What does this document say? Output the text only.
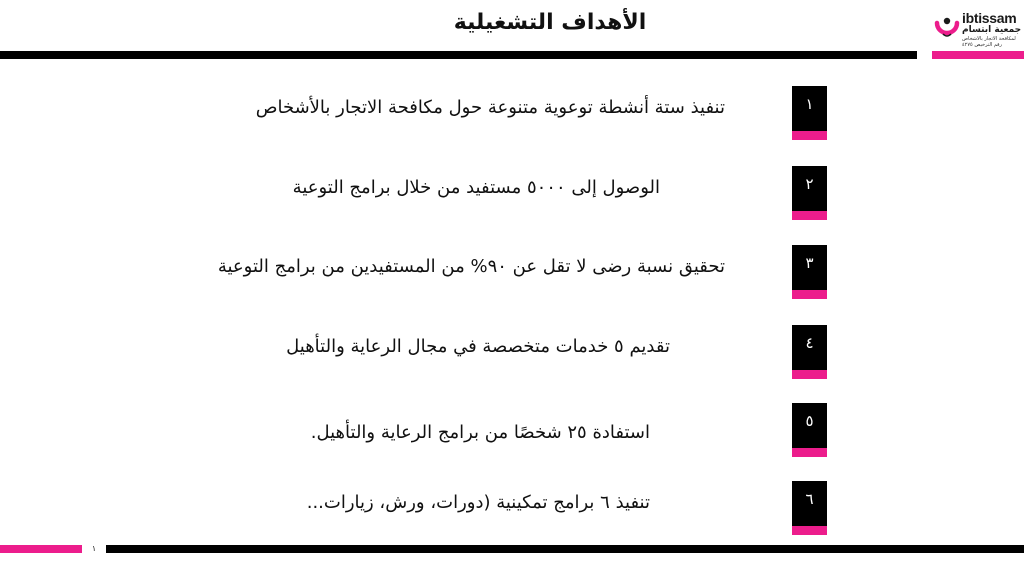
الأهداف التشغيلية	ibtissam
جمعية ابتسام
لمكافحة الاتجار بالأشخاص
رقم الترخيص ٤٢٧٥
١
تنفيذ ستة أنشطة توعوية متنوعة حول مكافحة الاتجار بالأشخاص
٢
الوصول إلى ٥٠٠٠ مستفيد من خلال برامج التوعية
٣
تحقيق نسبة رضى لا تقل عن ٩٠% من المستفيدين من برامج التوعية
٤
تقديم ٥ خدمات متخصصة في مجال الرعاية والتأهيل
٥
استفادة ٢٥ شخصًا من برامج الرعاية والتأهيل.
٦
تنفيذ ٦ برامج تمكينية (دورات، ورش، زيارات...
١
